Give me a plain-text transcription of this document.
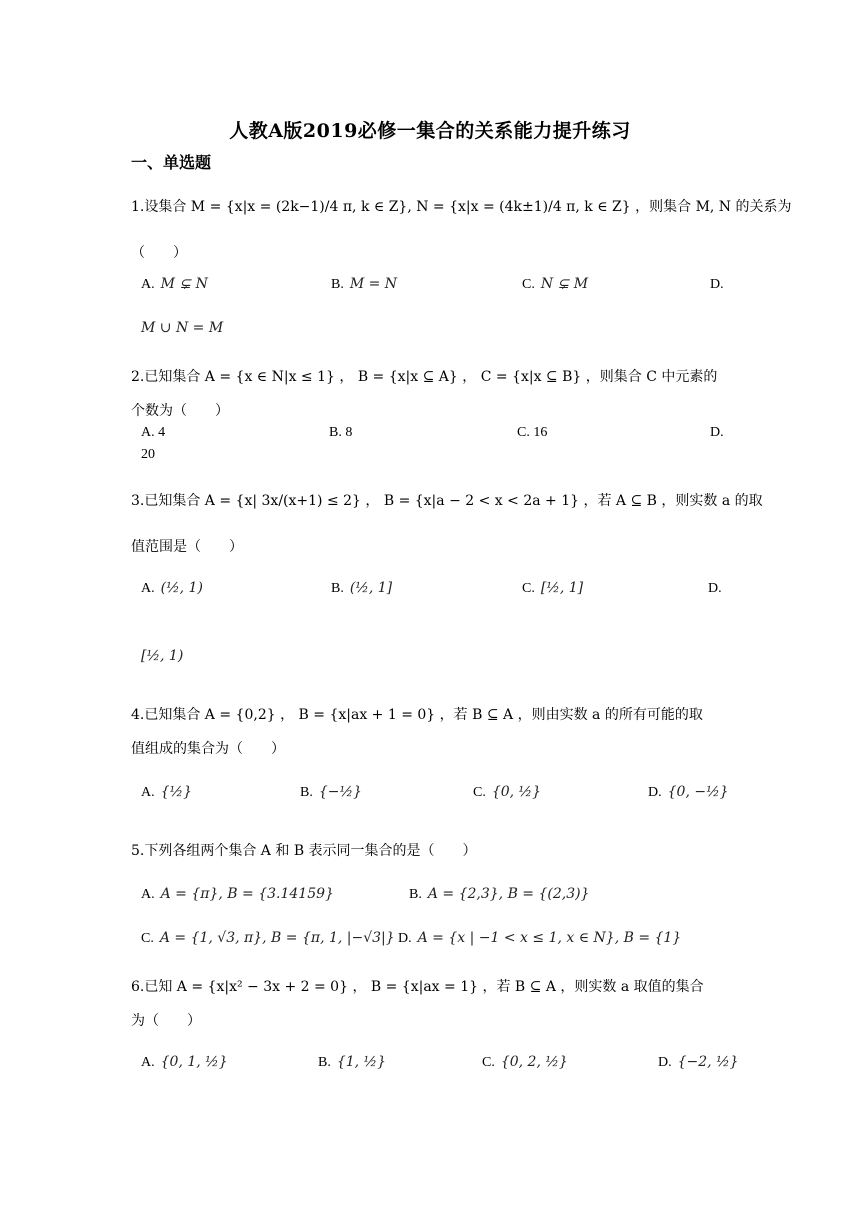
人教A版2019必修一集合的关系能力提升练习
一、单选题
1.设集合 M = {x|x = (2k−1)/4 π, k ∈ Z}, N = {x|x = (4k±1)/4 π, k ∈ Z} ，则集合 M, N 的关系为
（　　）
A. M ⊊ N	B. M = N	C. N ⊊ M	D.
M ∪ N = M
2.已知集合 A = {x ∈ N|x ≤ 1} ， B = {x|x ⊆ A} ， C = {x|x ⊆ B} ，则集合 C 中元素的
个数为（　　）
A. 4	B. 8	C. 16	D.
20
3.已知集合 A = {x| 3x/(x+1) ≤ 2} ， B = {x|a − 2 < x < 2a + 1} ，若 A ⊆ B ，则实数 a 的取
值范围是（　　）
A. (½, 1)	B. (½, 1]	C. [½, 1]	D.
[½, 1)
4.已知集合 A = {0,2} ， B = {x|ax + 1 = 0} ，若 B ⊆ A ，则由实数 a 的所有可能的取
值组成的集合为（　　）
A. {½}	B. {−½}	C. {0, ½}	D. {0, −½}
5.下列各组两个集合 A 和 B 表示同一集合的是（　　）
A. A = {π}, B = {3.14159}	B. A = {2,3}, B = {(2,3)}
C. A = {1, √3, π}, B = {π, 1, |−√3|} D. A = {x | −1 < x ≤ 1, x ∈ N}, B = {1}
6.已知 A = {x|x² − 3x + 2 = 0} ， B = {x|ax = 1} ，若 B ⊆ A ，则实数 a 取值的集合
为（　　）
A. {0, 1, ½}	B. {1, ½}	C. {0, 2, ½}	D. {−2, ½}
